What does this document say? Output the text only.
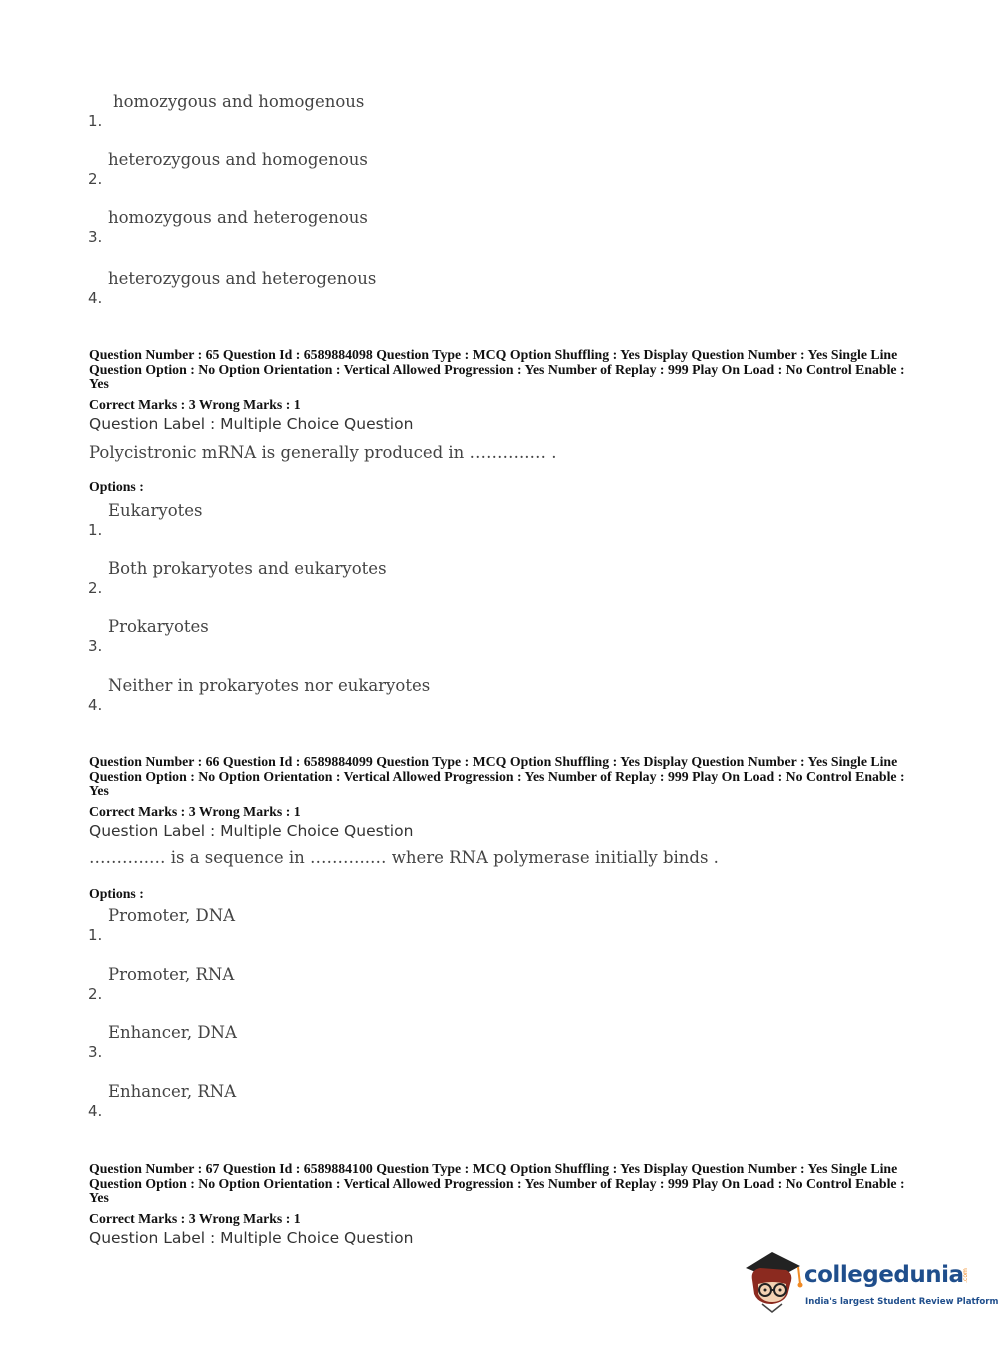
1.
homozygous and homogenous
2.
heterozygous and homogenous
3.
homozygous and heterogenous
4.
heterozygous and heterogenous
Question Number : 65 Question Id : 6589884098 Question Type : MCQ Option Shuffling : Yes Display Question Number : Yes Single Line Question Option : No Option Orientation : Vertical Allowed Progression : Yes Number of Replay : 999 Play On Load : No Control Enable : Yes
Correct Marks : 3 Wrong Marks : 1
Question Label : Multiple Choice Question
Polycistronic mRNA is generally produced in ………..… .
Options :
1.
Eukaryotes
2.
Both prokaryotes and eukaryotes
3.
Prokaryotes
4.
Neither in prokaryotes nor eukaryotes
Question Number : 66 Question Id : 6589884099 Question Type : MCQ Option Shuffling : Yes Display Question Number : Yes Single Line Question Option : No Option Orientation : Vertical Allowed Progression : Yes Number of Replay : 999 Play On Load : No Control Enable : Yes
Correct Marks : 3 Wrong Marks : 1
Question Label : Multiple Choice Question
………..… is a sequence in ………..… where RNA polymerase initially binds .
Options :
1.
Promoter, DNA
2.
Promoter, RNA
3.
Enhancer, DNA
4.
Enhancer, RNA
Question Number : 67 Question Id : 6589884100 Question Type : MCQ Option Shuffling : Yes Display Question Number : Yes Single Line Question Option : No Option Orientation : Vertical Allowed Progression : Yes Number of Replay : 999 Play On Load : No Control Enable : Yes
Correct Marks : 3 Wrong Marks : 1
Question Label : Multiple Choice Question
collegedunia
.com
India's largest Student Review Platform
